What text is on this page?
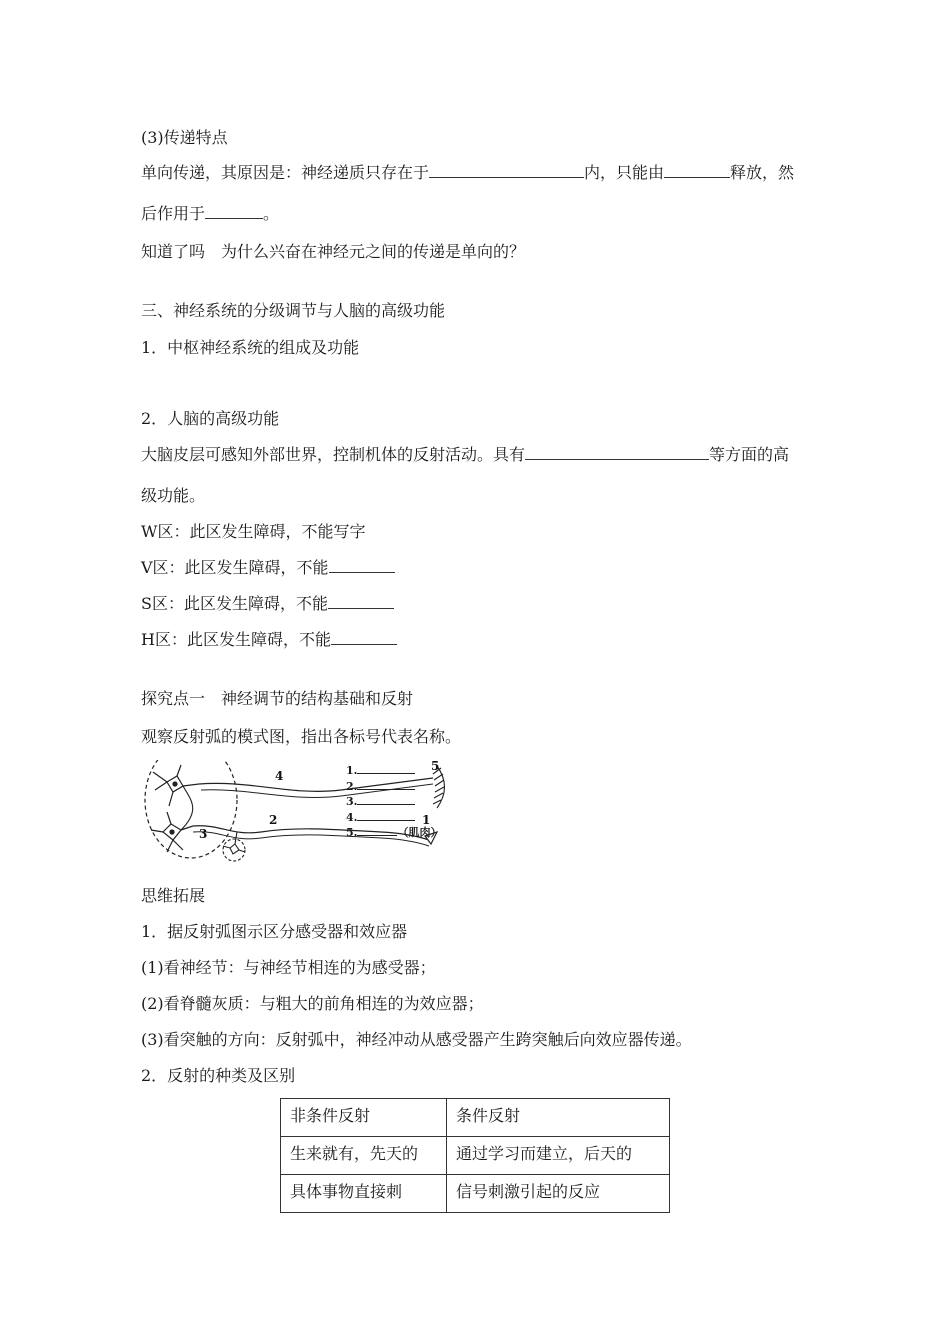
(3)传递特点
单向传递，其原因是：神经递质只存在于	内，只能由	释放，然
后作用于	。
知道了吗　为什么兴奋在神经元之间的传递是单向的？
三、神经系统的分级调节与人脑的高级功能
1．中枢神经系统的组成及功能
2．人脑的高级功能
大脑皮层可感知外部世界，控制机体的反射活动。具有	等方面的高
级功能。
W区：此区发生障碍，不能写字
V区：此区发生障碍，不能
S区：此区发生障碍，不能
H区：此区发生障碍，不能
探究点一　神经调节的结构基础和反射
观察反射弧的模式图，指出各标号代表名称。
3
2
4
1
5
1.
2.
3.
4.
5.	（肌肉）
思维拓展
1．据反射弧图示区分感受器和效应器
(1)看神经节：与神经节相连的为感受器；
(2)看脊髓灰质：与粗大的前角相连的为效应器；
(3)看突触的方向：反射弧中，神经冲动从感受器产生跨突触后向效应器传递。
2．反射的种类及区别
非条件反射	条件反射
生来就有，先天的	通过学习而建立，后天的
具体事物直接刺	信号刺激引起的反应
